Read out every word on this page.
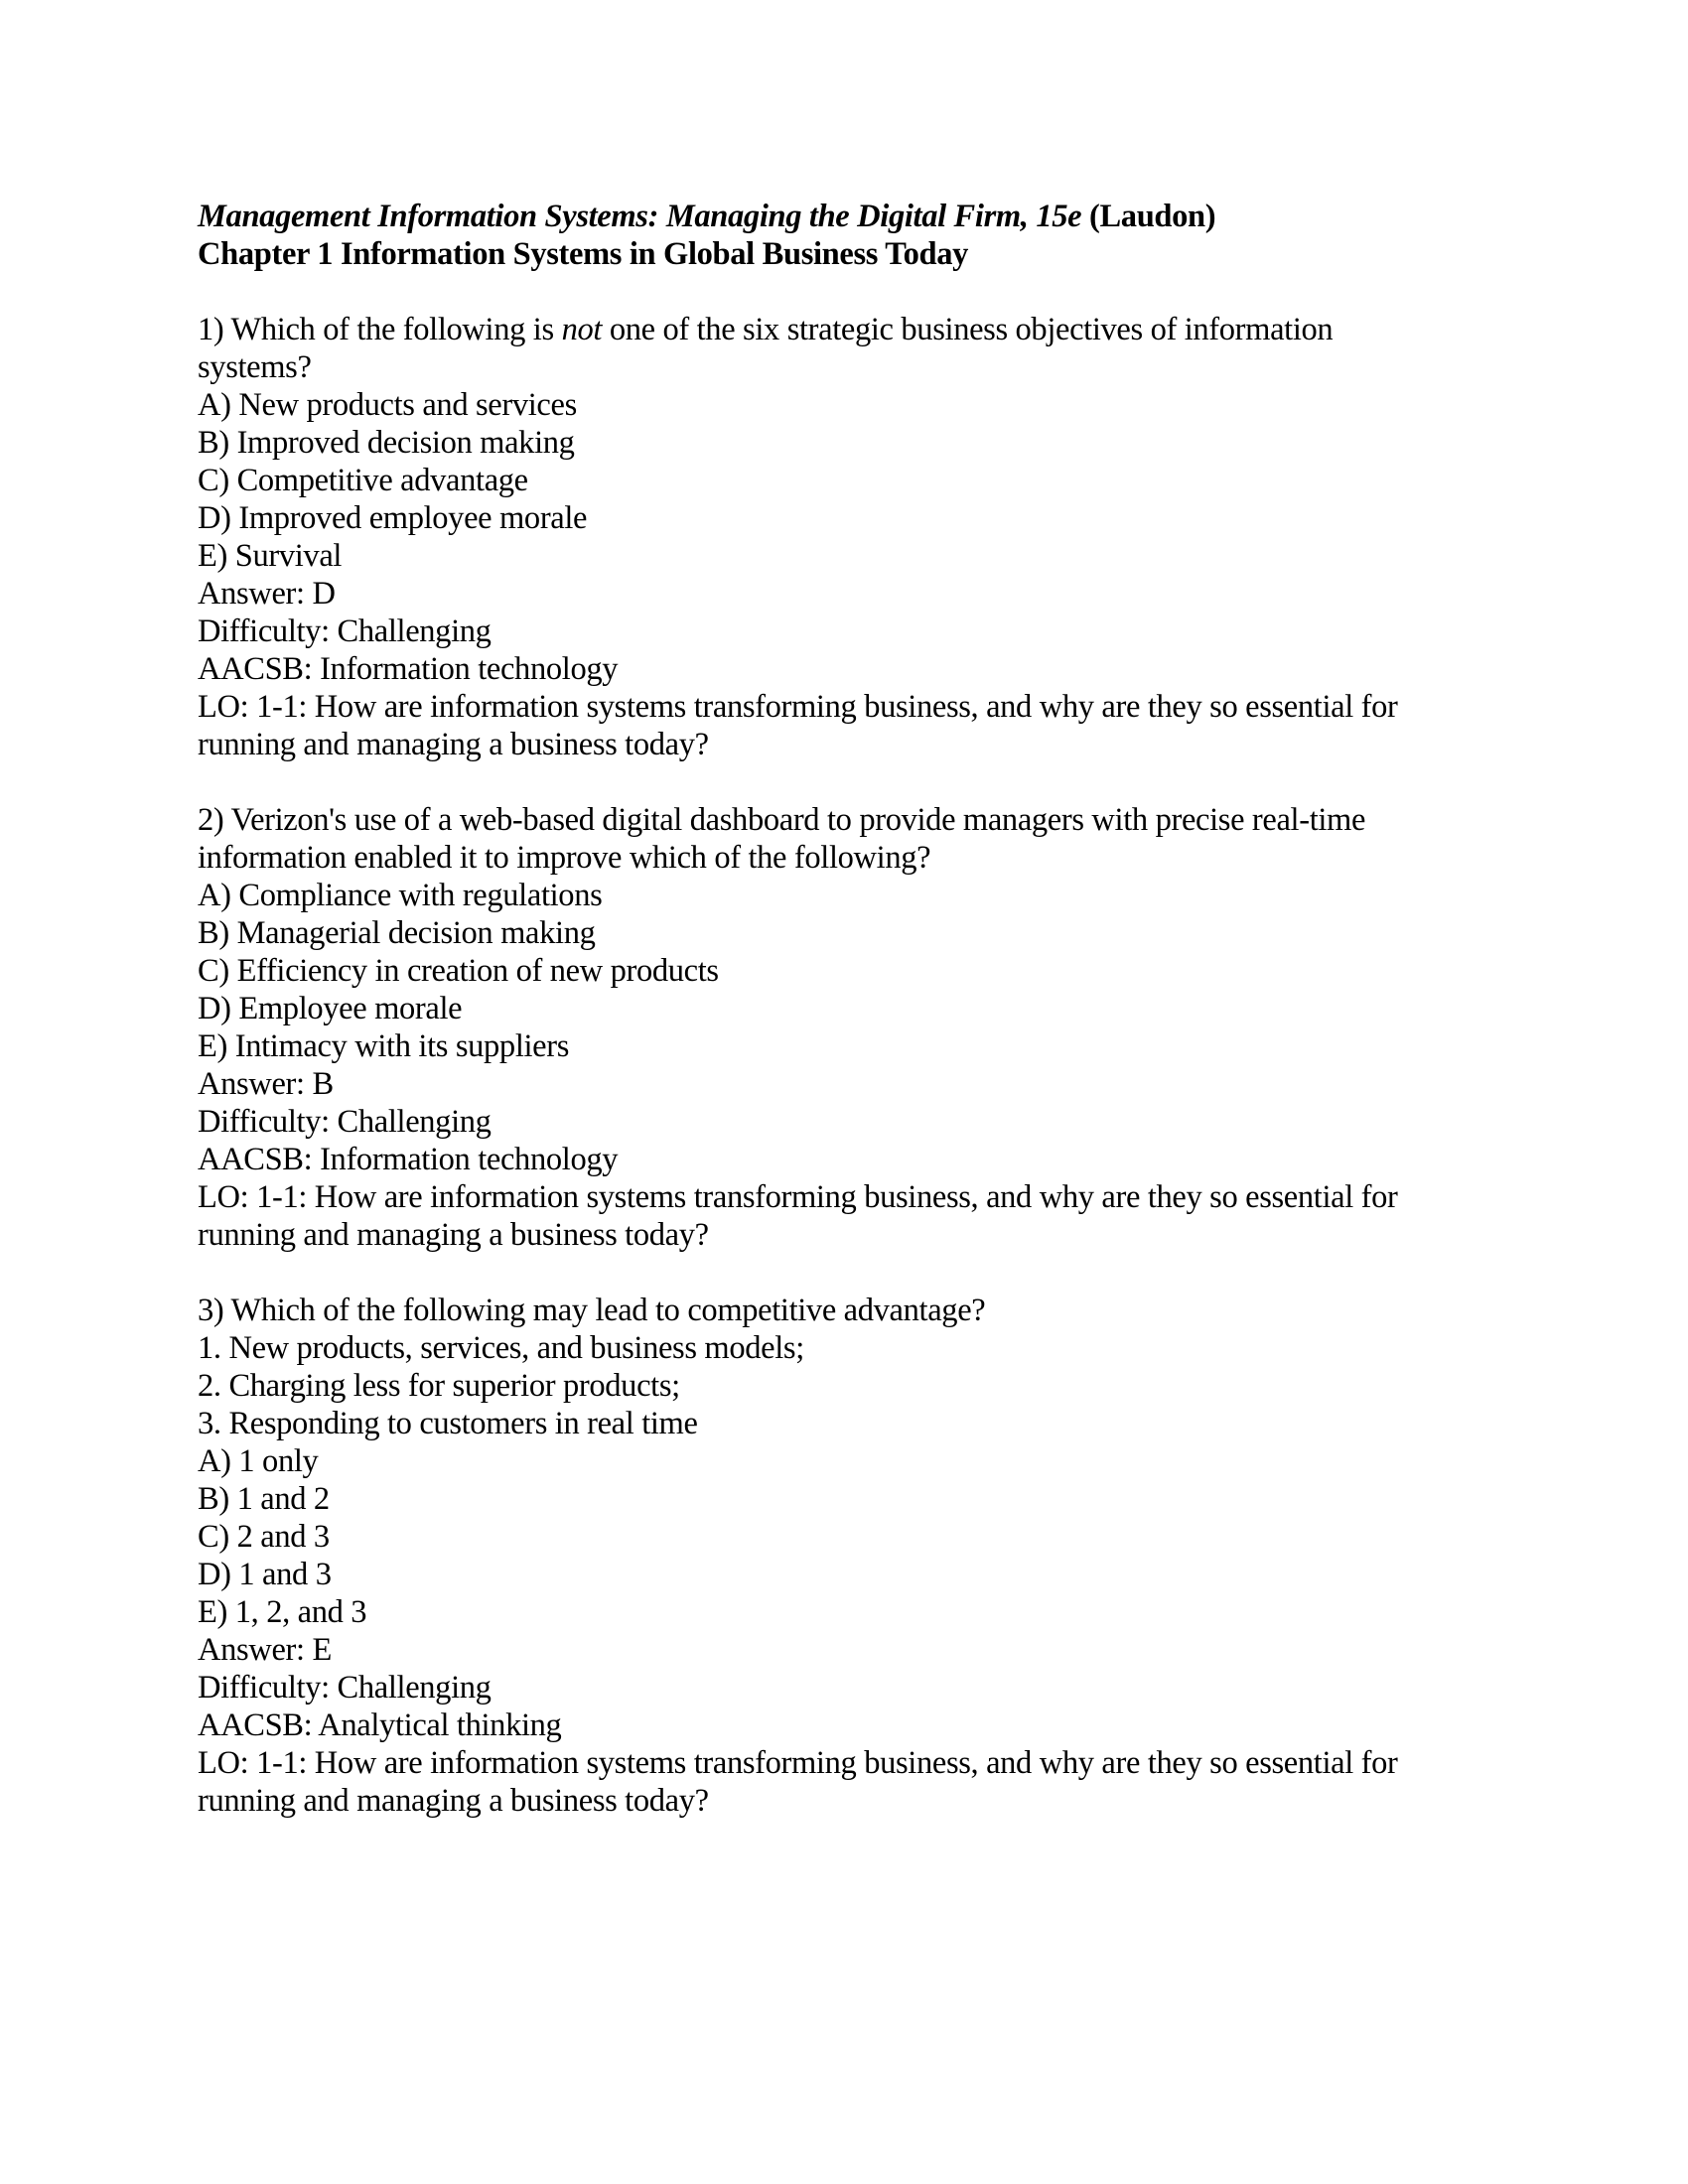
Management Information Systems: Managing the Digital Firm, 15e (Laudon)
Chapter 1 Information Systems in Global Business Today
1) Which of the following is not one of the six strategic business objectives of information
systems?
A) New products and services
B) Improved decision making
C) Competitive advantage
D) Improved employee morale
E) Survival
Answer: D
Difficulty: Challenging
AACSB: Information technology
LO: 1-1: How are information systems transforming business, and why are they so essential for
running and managing a business today?
2) Verizon's use of a web-based digital dashboard to provide managers with precise real-time
information enabled it to improve which of the following?
A) Compliance with regulations
B) Managerial decision making
C) Efficiency in creation of new products
D) Employee morale
E) Intimacy with its suppliers
Answer: B
Difficulty: Challenging
AACSB: Information technology
LO: 1-1: How are information systems transforming business, and why are they so essential for
running and managing a business today?
3) Which of the following may lead to competitive advantage?
1. New products, services, and business models;
2. Charging less for superior products;
3. Responding to customers in real time
A) 1 only
B) 1 and 2
C) 2 and 3
D) 1 and 3
E) 1, 2, and 3
Answer: E
Difficulty: Challenging
AACSB: Analytical thinking
LO: 1-1: How are information systems transforming business, and why are they so essential for
running and managing a business today?
